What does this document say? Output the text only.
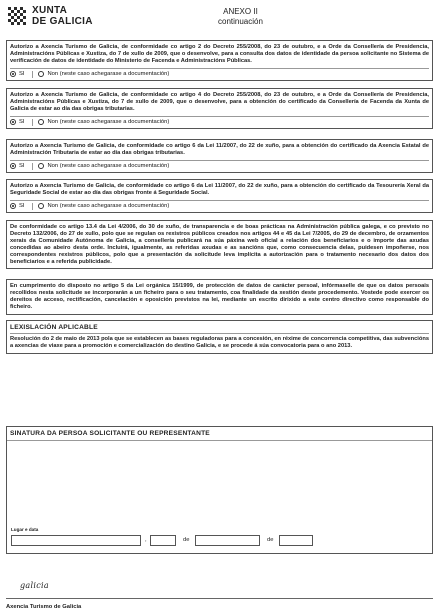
XUNTA
DE GALICIA
ANEXO II
continuación

Autorizo a Axencia Turismo de Galicia, de conformidade co artigo 2 do Decreto 255/2008, do 23 de outubro, e a Orde da Consellería de Presidencia, Administracións Públicas e Xustiza, do 7 de xullo de 2009, que o desenvolve, para a consulta dos datos de identidade da persoa solicitante no Sistema de verificación de datos de identidade do Ministerio de Facenda e Administracións Públicas.

SI	Non (neste caso achegarase a documentación)

Autorizo a Axencia Turismo de Galicia, de conformidade co artigo 4 do Decreto 255/2008, do 23 de outubro, e a Orde da Consellería de Presidencia, Administracións Públicas e Xustiza, do 7 de xullo de 2009, que o desenvolve, para a obtención do certificado da Consellería de Facenda da Xunta de Galicia de estar ao día das obrigas tributarias.

SI	Non (neste caso achegarase a documentación)

Autorizo a Axencia Turismo de Galicia, de conformidade co artigo 6 da Lei 11/2007, do 22 de xuño, para a obtención do certificado da Axencia Estatal de Administración Tributaria de estar ao día das obrigas tributarias.

SI	Non (neste caso achegarase a documentación)

Autorizo a Axencia Turismo de Galicia, de conformidade co artigo 6 da Lei 11/2007, do 22 de xuño, para a obtención do certificado da Tesourería Xeral da Seguridade Social de estar ao día das obrigas fronte á Seguridade Social.

SI	Non (neste caso achegarase a documentación)

De conformidade co artigo 13.4 da Lei 4/2006, do 30 de xuño, de transparencia e de boas prácticas na Administración pública galega, e co previsto no Decreto 132/2006, do 27 de xullo, polo que se regulan os rexistros públicos creados nos artigos 44 e 45 da Lei 7/2005, do 29 de decembro, de orzamentos xerais da Comunidade Autónoma de Galicia, a consellería publicará na súa páxina web oficial a relación dos beneficiarios e o importe das axudas concedidas ao abeiro desta orde. Incluirá, igualmente, as referidas axudas e as sancións que, como consecuencia delas, puidesen impoñerse, nos correspondentes rexistros públicos, polo que a presentación da solicitude leva implícita a autorización para o tratamento necesario dos datos dos beneficiarios e a referida publicidade.

En cumprimento do disposto no artigo 5 da Lei orgánica 15/1999, de protección de datos de carácter persoal, infórmaselle de que os datos persoais recollidos nesta solicitude se incorporarán a un ficheiro para o seu tratamento, coa finalidade da xestión deste procedemento. Vostede pode exercer os dereitos de acceso, rectificación, cancelación e oposición previstos na lei, mediante un escrito dirixido a este centro directivo como responsable do ficheiro.

LEXISLACIÓN APLICABLE

Resolución do 2 de maio de 2013 pola que se establecen as bases reguladoras para a concesión, en réxime de concorrencia competitiva, das subvencións a axencias de viaxe para a promoción e comercialización do destino Galicia, e se procede á súa convocatoria para o ano 2013.

SINATURA DA PERSOA SOLICITANTE OU REPRESENTANTE
Lugar e data
,	de	de
galicia
Axencia Turismo de Galicia
